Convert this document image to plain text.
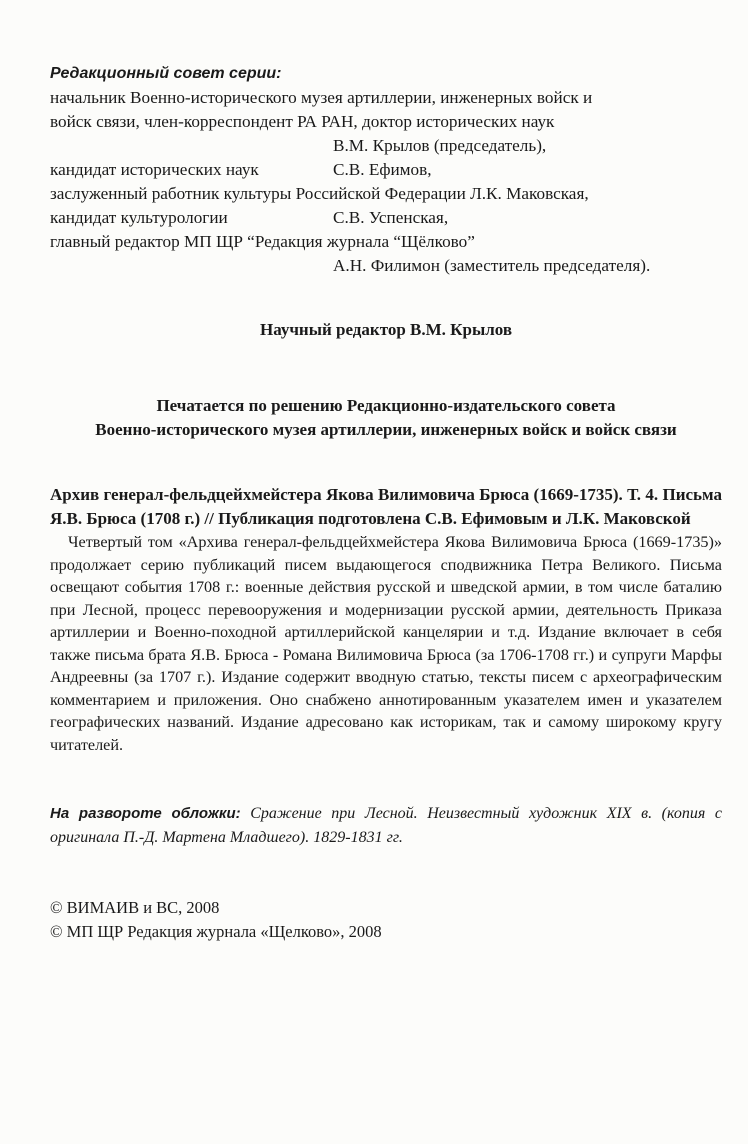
Редакционный совет серии:
начальник Военно-исторического музея артиллерии, инженерных войск и
войск связи, член-корреспондент РА РАН, доктор исторических наук
В.М. Крылов (председатель),
кандидат исторических наук	С.В. Ефимов,
заслуженный работник культуры Российской Федерации Л.К. Маковская,
кандидат культурологии	С.В. Успенская,
главный редактор МП ЩР “Редакция журнала “Щёлково”
А.Н. Филимон (заместитель председателя).
Научный редактор В.М. Крылов
Печатается по решению Редакционно-издательского совета
Военно-исторического музея артиллерии, инженерных войск и войск связи
Архив генерал-фельдцейхмейстера Якова Вилимовича Брюса (1669-1735). Т. 4. Письма Я.В. Брюса (1708 г.) // Публикация подготовлена С.В. Ефимовым и Л.К. Маковской

Четвертый том «Архива генерал-фельдцейхмейстера Якова Вилимовича Брюса (1669-1735)» продолжает серию публикаций писем выдающегося сподвижника Петра Великого. Письма освещают события 1708 г.: военные действия русской и шведской армии, в том числе баталию при Лесной, процесс перевооружения и модернизации русской армии, деятельность Приказа артиллерии и Военно-походной артиллерийской канцелярии и т.д. Издание включает в себя также письма брата Я.В. Брюса - Романа Вилимовича Брюса (за 1706-1708 гг.) и супруги Марфы Андреевны (за 1707 г.). Издание содержит вводную статью, тексты писем с археографическим комментарием и приложения. Оно снабжено аннотированным указателем имен и указателем географических названий. Издание адресовано как историкам, так и самому широкому кругу читателей.

На развороте обложки: Сражение при Лесной. Неизвестный художник XIX в. (копия с оригинала П.-Д. Мартена Младшего). 1829-1831 гг.
© ВИМАИВ и ВС, 2008
© МП ЩР Редакция журнала «Щелково», 2008
